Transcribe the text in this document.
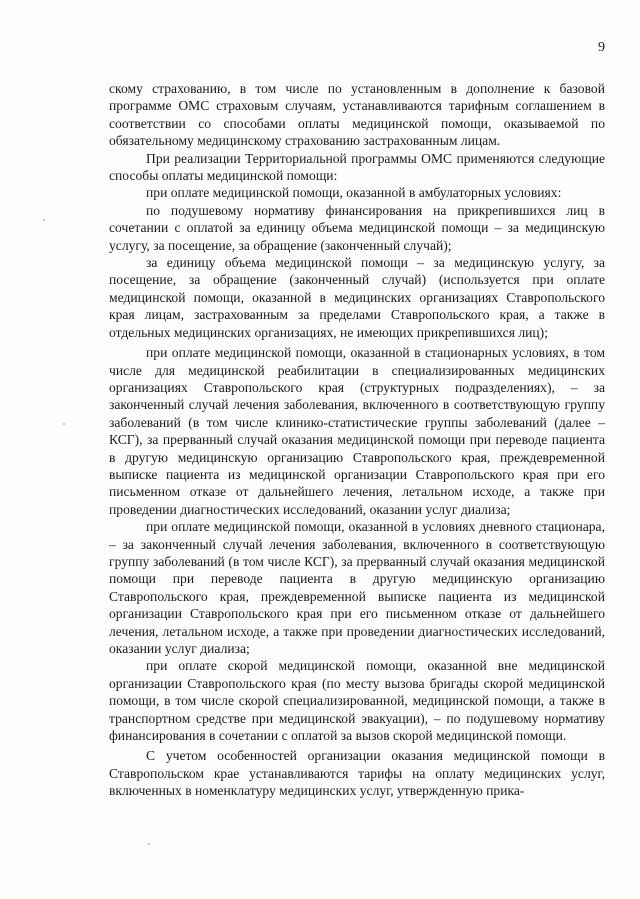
9

скому страхованию, в том числе по установленным в дополнение к базовой программе ОМС страховым случаям, устанавливаются тарифным соглашением в соответствии со способами оплаты медицинской помощи, оказываемой по обязательному медицинскому страхованию застрахованным лицам.

При реализации Территориальной программы ОМС применяются следующие способы оплаты медицинской помощи:

при оплате медицинской помощи, оказанной в амбулаторных условиях:

по подушевому нормативу финансирования на прикрепившихся лиц в сочетании с оплатой за единицу объема медицинской помощи – за медицинскую услугу, за посещение, за обращение (законченный случай);

за единицу объема медицинской помощи – за медицинскую услугу, за посещение, за обращение (законченный случай) (используется при оплате медицинской помощи, оказанной в медицинских организациях Ставропольского края лицам, застрахованным за пределами Ставропольского края, а также в отдельных медицинских организациях, не имеющих прикрепившихся лиц);

при оплате медицинской помощи, оказанной в стационарных условиях, в том числе для медицинской реабилитации в специализированных медицинских организациях Ставропольского края (структурных подразделениях), – за законченный случай лечения заболевания, включенного в соответствующую группу заболеваний (в том числе клинико-статистические группы заболеваний (далее – КСГ), за прерванный случай оказания медицинской помощи при переводе пациента в другую медицинскую организацию Ставропольского края, преждевременной выписке пациента из медицинской организации Ставропольского края при его письменном отказе от дальнейшего лечения, летальном исходе, а также при проведении диагностических исследований, оказании услуг диализа;

при оплате медицинской помощи, оказанной в условиях дневного стационара, – за законченный случай лечения заболевания, включенного в соответствующую группу заболеваний (в том числе КСГ), за прерванный случай оказания медицинской помощи при переводе пациента в другую медицинскую организацию Ставропольского края, преждевременной выписке пациента из медицинской организации Ставропольского края при его письменном отказе от дальнейшего лечения, летальном исходе, а также при проведении диагностических исследований, оказании услуг диализа;

при оплате скорой медицинской помощи, оказанной вне медицинской организации Ставропольского края (по месту вызова бригады скорой медицинской помощи, в том числе скорой специализированной, медицинской помощи, а также в транспортном средстве при медицинской эвакуации), – по подушевому нормативу финансирования в сочетании с оплатой за вызов скорой медицинской помощи.

С учетом особенностей организации оказания медицинской помощи в Ставропольском крае устанавливаются тарифы на оплату медицинских услуг, включенных в номенклатуру медицинских услуг, утвержденную прика-
